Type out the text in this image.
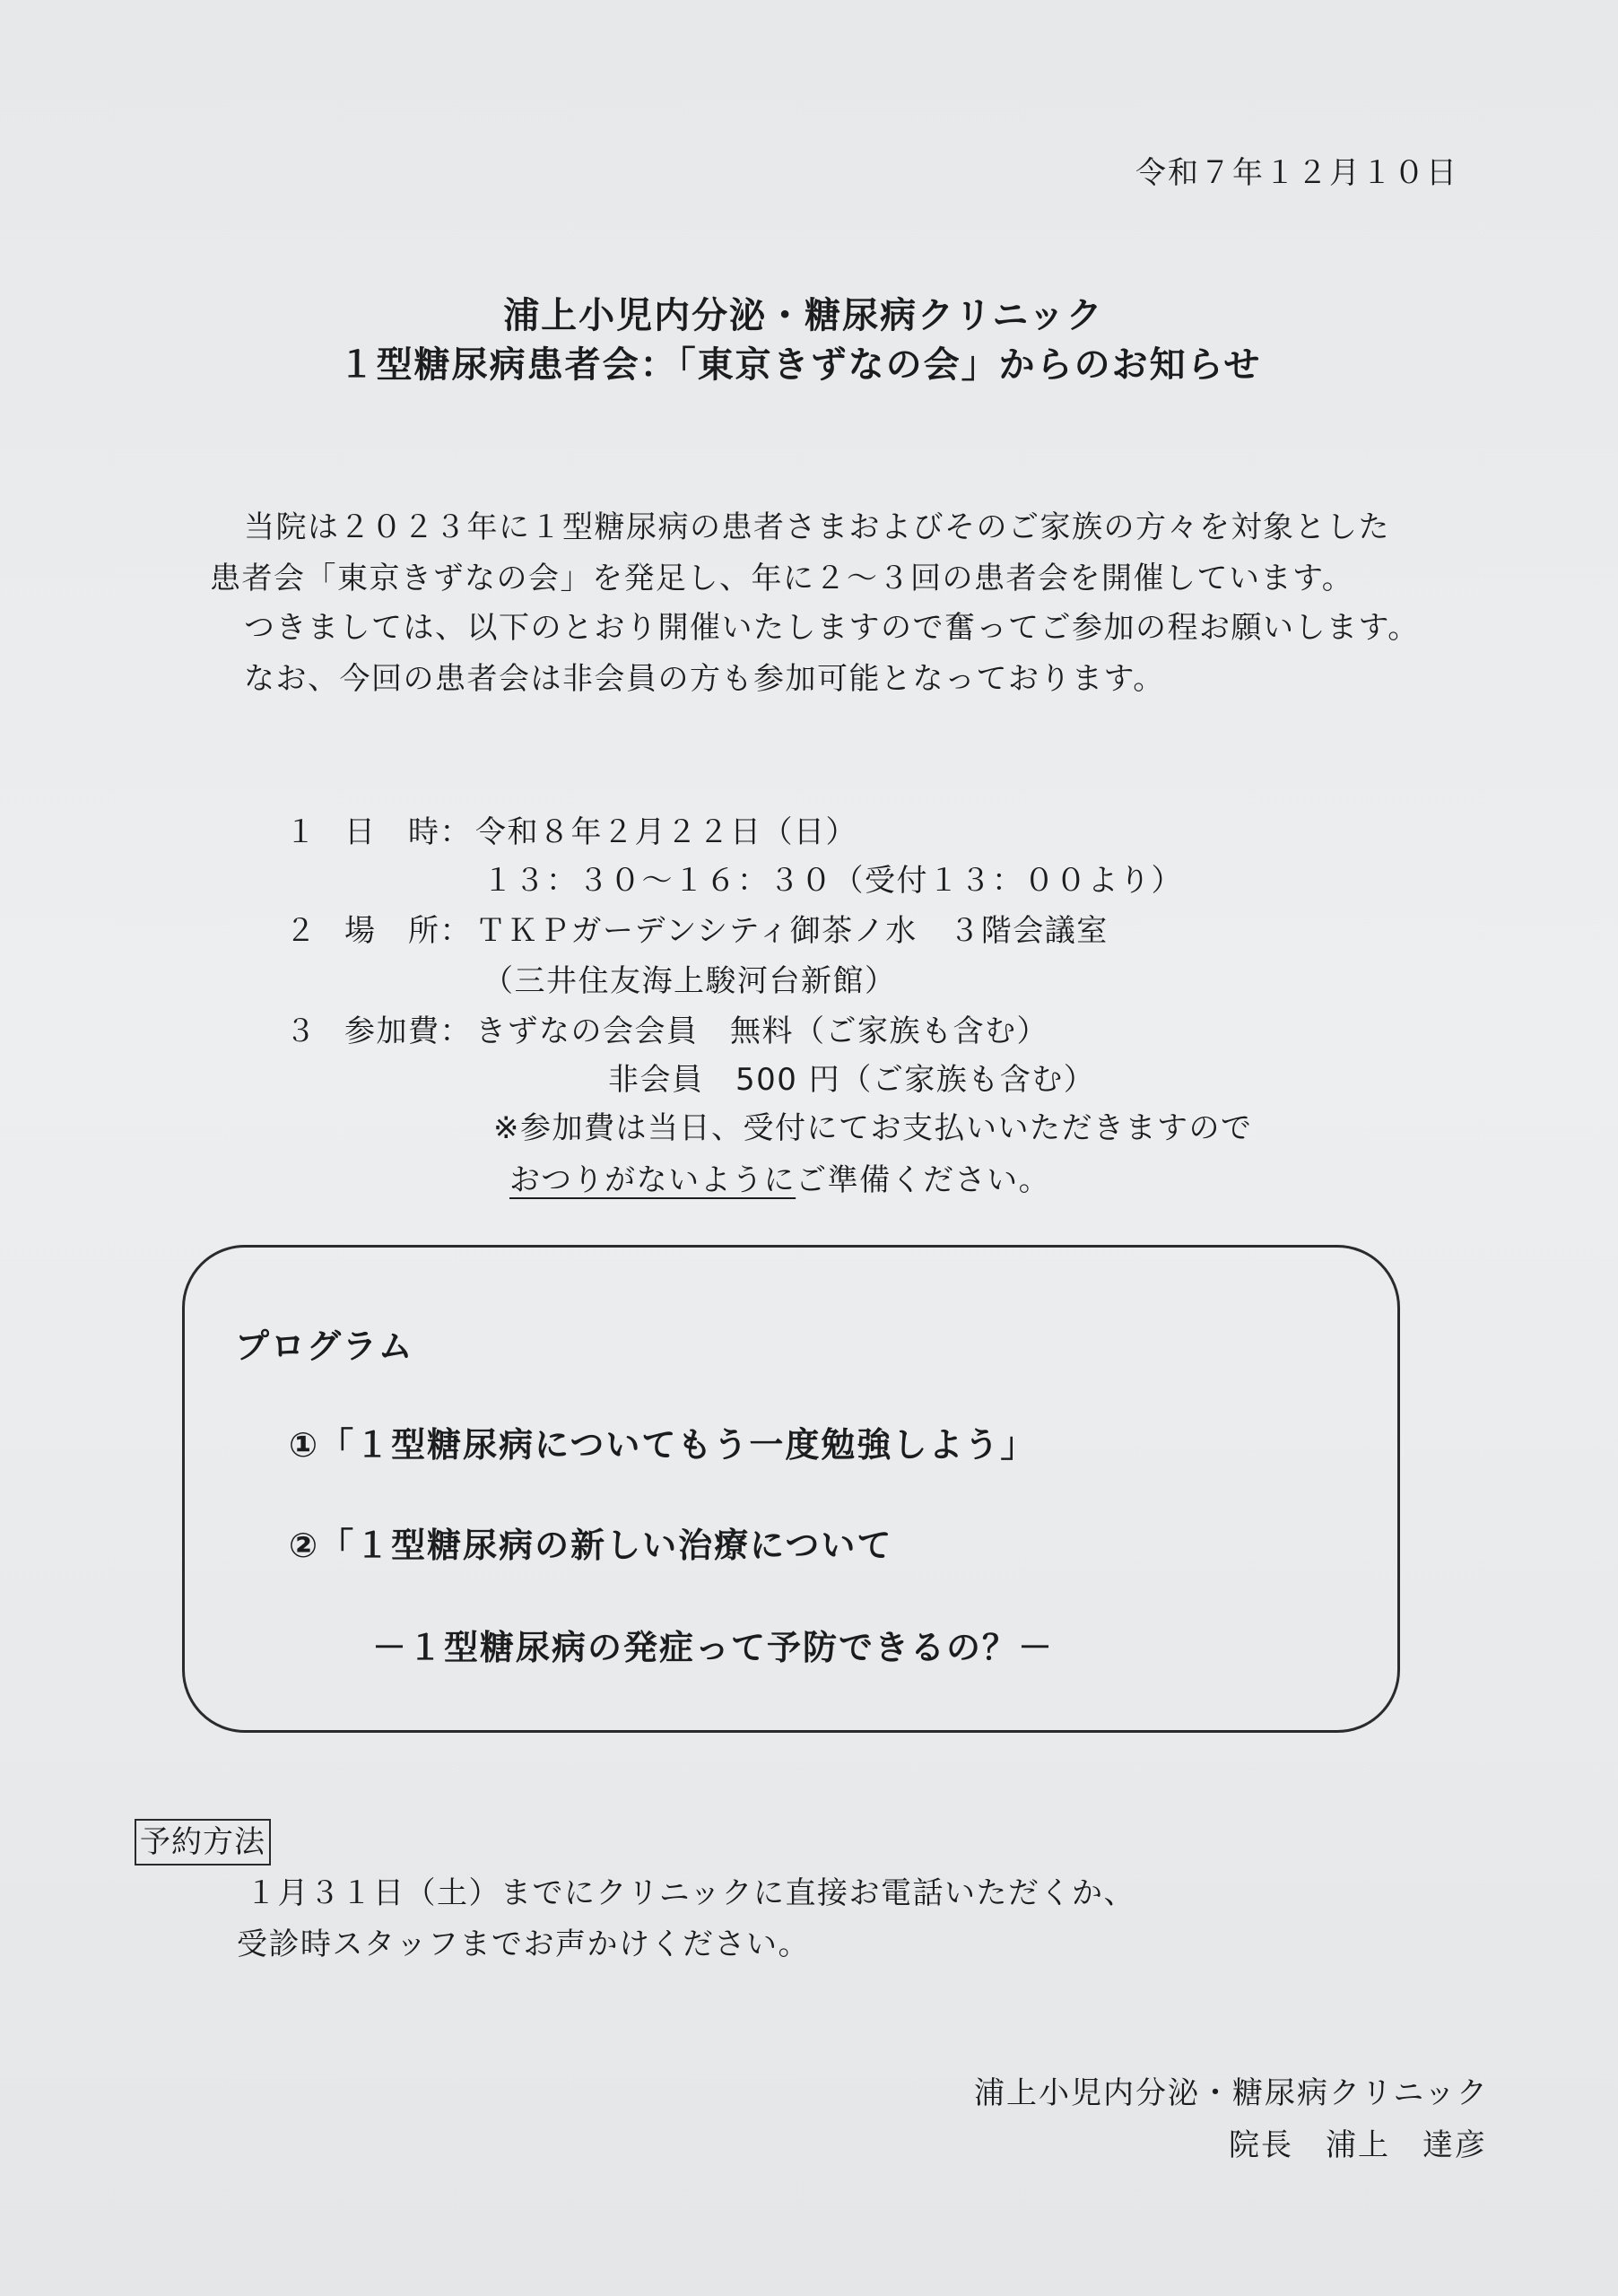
令和７年１２月１０日
浦上小児内分泌・糖尿病クリニック
１型糖尿病患者会：「東京きずなの会」からのお知らせ
当院は２０２３年に１型糖尿病の患者さまおよびそのご家族の方々を対象とした
患者会「東京きずなの会」を発足し、年に２～３回の患者会を開催しています。
つきましては、以下のとおり開催いたしますので奮ってご参加の程お願いします。
なお、今回の患者会は非会員の方も参加可能となっております。
１ 日　時： 令和８年２月２２日（日）
１３：３０～１６：３０（受付１３：００より）
２ 場　所： ＴＫＰガーデンシティ御茶ノ水　３階会議室
（三井住友海上駿河台新館）
３ 参加費： きずなの会会員　無料（ご家族も含む）
非会員　500 円（ご家族も含む）
※参加費は当日、受付にてお支払いいただきますので
おつりがないようにご準備ください。
プログラム
①「１型糖尿病についてもう一度勉強しよう」
②「１型糖尿病の新しい治療について
－１型糖尿病の発症って予防できるの？－
予約方法
１月３１日（土）までにクリニックに直接お電話いただくか、
受診時スタッフまでお声かけください。
浦上小児内分泌・糖尿病クリニック
院長　浦上　達彦
